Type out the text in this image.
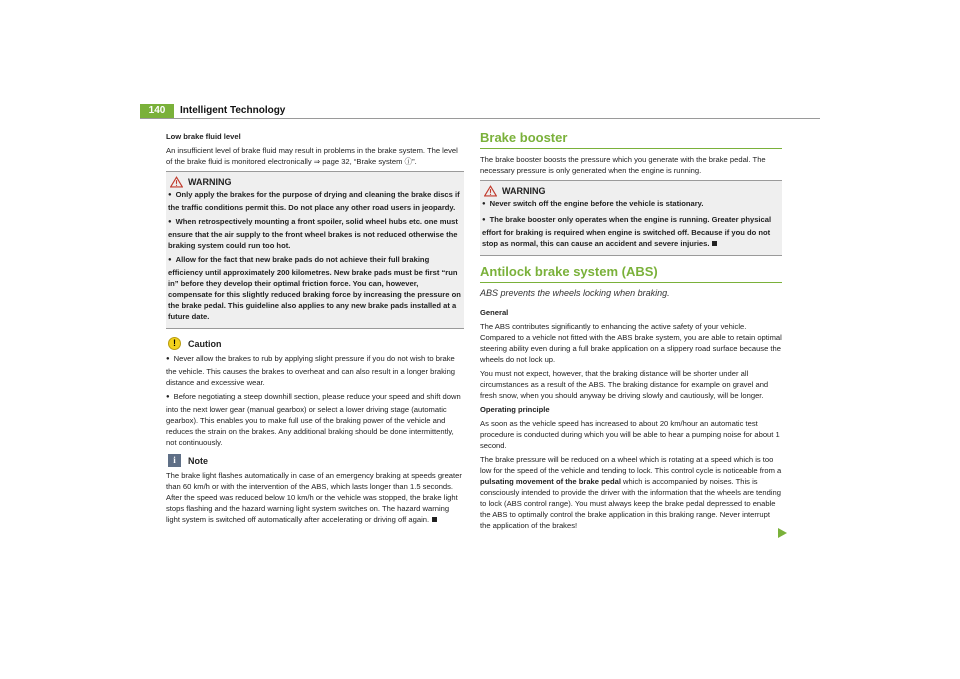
140	Intelligent Technology

Low brake fluid level

An insufficient level of brake fluid may result in problems in the brake system. The level of the brake fluid is monitored electronically ⇒ page 32, “Brake system ⓘ”.

WARNING

● Only apply the brakes for the purpose of drying and cleaning the brake discs if the traffic conditions permit this. Do not place any other road users in jeopardy.

● When retrospectively mounting a front spoiler, solid wheel hubs etc. one must ensure that the air supply to the front wheel brakes is not reduced otherwise the braking system could run too hot.

● Allow for the fact that new brake pads do not achieve their full braking efficiency until approximately 200 kilometres. New brake pads must be first “run in” before they develop their optimal friction force. You can, however, compensate for this slightly reduced braking force by increasing the pressure on the brake pedal. This guideline also applies to any new brake pads installed at a future date.

!	Caution

● Never allow the brakes to rub by applying slight pressure if you do not wish to brake the vehicle. This causes the brakes to overheat and can also result in a longer braking distance and excessive wear.

● Before negotiating a steep downhill section, please reduce your speed and shift down into the next lower gear (manual gearbox) or select a lower driving stage (automatic gearbox). This enables you to make full use of the braking power of the vehicle and reduces the strain on the brakes. Any additional braking should be done intermittently, not continuously.

i	Note

The brake light flashes automatically in case of an emergency braking at speeds greater than 60 km/h or with the intervention of the ABS, which lasts longer than 1.5 seconds. After the speed was reduced below 10 km/h or the vehicle was stopped, the brake light stops flashing and the hazard warning light system switches on. The hazard warning light system is switched off automatically after accelerating or driving off again.

Brake booster

The brake booster boosts the pressure which you generate with the brake pedal. The necessary pressure is only generated when the engine is running.

WARNING

● Never switch off the engine before the vehicle is stationary.

● The brake booster only operates when the engine is running. Greater physical effort for braking is required when engine is switched off. Because if you do not stop as normal, this can cause an accident and severe injuries.

Antilock brake system (ABS)

ABS prevents the wheels locking when braking.

General

The ABS contributes significantly to enhancing the active safety of your vehicle. Compared to a vehicle not fitted with the ABS brake system, you are able to retain optimal steering ability even during a full brake application on a slippery road surface because the wheels do not lock up.

You must not expect, however, that the braking distance will be shorter under all circumstances as a result of the ABS. The braking distance for example on gravel and fresh snow, when you should anyway be driving slowly and cautiously, will be longer.

Operating principle

As soon as the vehicle speed has increased to about 20 km/hour an automatic test procedure is conducted during which you will be able to hear a pumping noise for about 1 second.

The brake pressure will be reduced on a wheel which is rotating at a speed which is too low for the speed of the vehicle and tending to lock. This control cycle is noticeable from a pulsating movement of the brake pedal which is accompanied by noises. This is consciously intended to provide the driver with the information that the wheels are tending to lock (ABS control range). You must always keep the brake pedal depressed to enable the ABS to optimally control the brake application in this braking range. Never interrupt the application of the brakes!
